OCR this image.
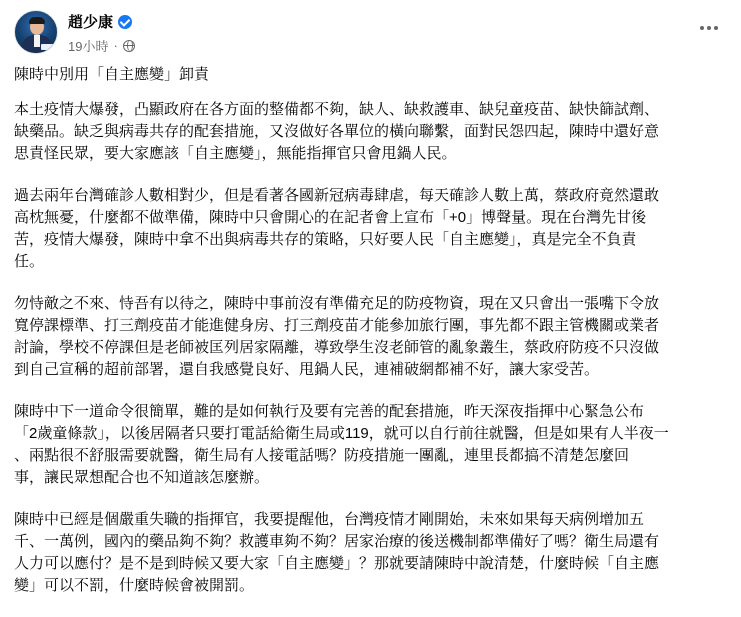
趙少康
19小時 ·

陳時中別用「自主應變」卸責

本土疫情大爆發，凸顯政府在各方面的整備都不夠，缺人、缺救護車、缺兒童疫苗、缺快篩試劑、
缺藥品。缺乏與病毒共存的配套措施，又沒做好各單位的橫向聯繫，面對民怨四起，陳時中還好意
思責怪民眾，要大家應該「自主應變」，無能指揮官只會甩鍋人民。

過去兩年台灣確診人數相對少，但是看著各國新冠病毒肆虐，每天確診人數上萬，蔡政府竟然還敢
高枕無憂，什麼都不做準備，陳時中只會開心的在記者會上宣布「+0」博聲量。現在台灣先甘後
苦，疫情大爆發，陳時中拿不出與病毒共存的策略，只好要人民「自主應變」，真是完全不負責
任。

勿恃敵之不來、恃吾有以待之，陳時中事前沒有準備充足的防疫物資，現在又只會出一張嘴下令放
寬停課標準、打三劑疫苗才能進健身房、打三劑疫苗才能參加旅行團，事先都不跟主管機關或業者
討論，學校不停課但是老師被匡列居家隔離，導致學生沒老師管的亂象叢生，蔡政府防疫不只沒做
到自己宣稱的超前部署，還自我感覺良好、甩鍋人民，連補破網都補不好，讓大家受苦。

陳時中下一道命令很簡單，難的是如何執行及要有完善的配套措施，昨天深夜指揮中心緊急公布
「2歲童條款」，以後居隔者只要打電話給衛生局或119，就可以自行前往就醫，但是如果有人半夜一
、兩點很不舒服需要就醫，衛生局有人接電話嗎？防疫措施一團亂，連里長都搞不清楚怎麼回
事，讓民眾想配合也不知道該怎麼辦。

陳時中已經是個嚴重失職的指揮官，我要提醒他，台灣疫情才剛開始，未來如果每天病例增加五
千、一萬例，國內的藥品夠不夠？救護車夠不夠？居家治療的後送機制都準備好了嗎？衛生局還有
人力可以應付？是不是到時候又要大家「自主應變」？那就要請陳時中說清楚，什麼時候「自主應
變」可以不罰，什麼時候會被開罰。
